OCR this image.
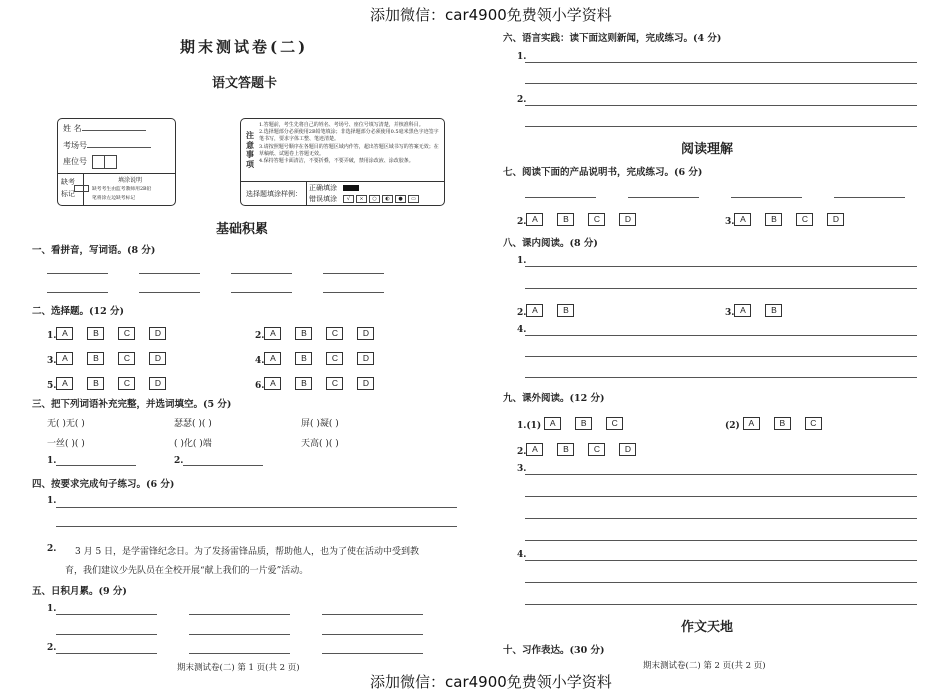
添加微信：car4900免费领小学资料
添加微信：car4900免费领小学资料
期末测试卷(二)
语文答题卡
姓 名
考场号
座位号
缺考
标记
填涂说明
缺考考生由监考教师用2B铅
笔将涂左边缺考标记
注意事项
1.答题前，考生先将自己的姓名、考场号、座位号填写清楚，并核准科目。
2.选择题部分必须使用2B铅笔填涂；非选择题部分必须使用0.5毫米黑色字迹签字笔书写，要求字体工整、笔迹清楚。
3.请按照题号顺序在各题目的答题区域内作答，超出答题区域书写的答案无效；在草稿纸、试题卷上答题无效。
4.保持答题卡面清洁，不要折叠，不要弄破，禁用涂改液、涂改胶条。
选择题填涂样例：
正确填涂
错误填涂	√	×	○	◐	●	▭
基础积累
一、看拼音，写词语。(8 分)
二、选择题。(12 分)
1. A	B	C	D	2. A	B	C	D
3. A	B	C	D	4. A	B	C	D
5. A	B	C	D	6. A	B	C	D
三、把下列词语补充完整，并选词填空。(5 分)
无( )无( )	瑟瑟( )( )	屏( )凝( )
一丝( )( )	( )化( )端	天高( )( )
1.	2.
四、按要求完成句子练习。(6 分)
1.
2. 3 月 5 日，是学雷锋纪念日。为了发扬雷锋品质，帮助他人，也为了使在活动中受到教
育，我们建议少先队员在全校开展“献上我们的一片爱”活动。
五、日积月累。(9 分)
1.
2.
期末测试卷(二) 第 1 页(共 2 页)
六、语言实践：读下面这则新闻，完成练习。(4 分)
1.
2.
阅读理解
七、阅读下面的产品说明书，完成练习。(6 分)
2. A	B	C	D	3. A	B	C	D
八、课内阅读。(8 分)
1.
2. A	B	3. A	B
4.
九、课外阅读。(12 分)
1.(1) A	B	C	(2) A	B	C
2. A	B	C	D
3.
4.
作文天地
十、习作表达。(30 分)
期末测试卷(二) 第 2 页(共 2 页)
